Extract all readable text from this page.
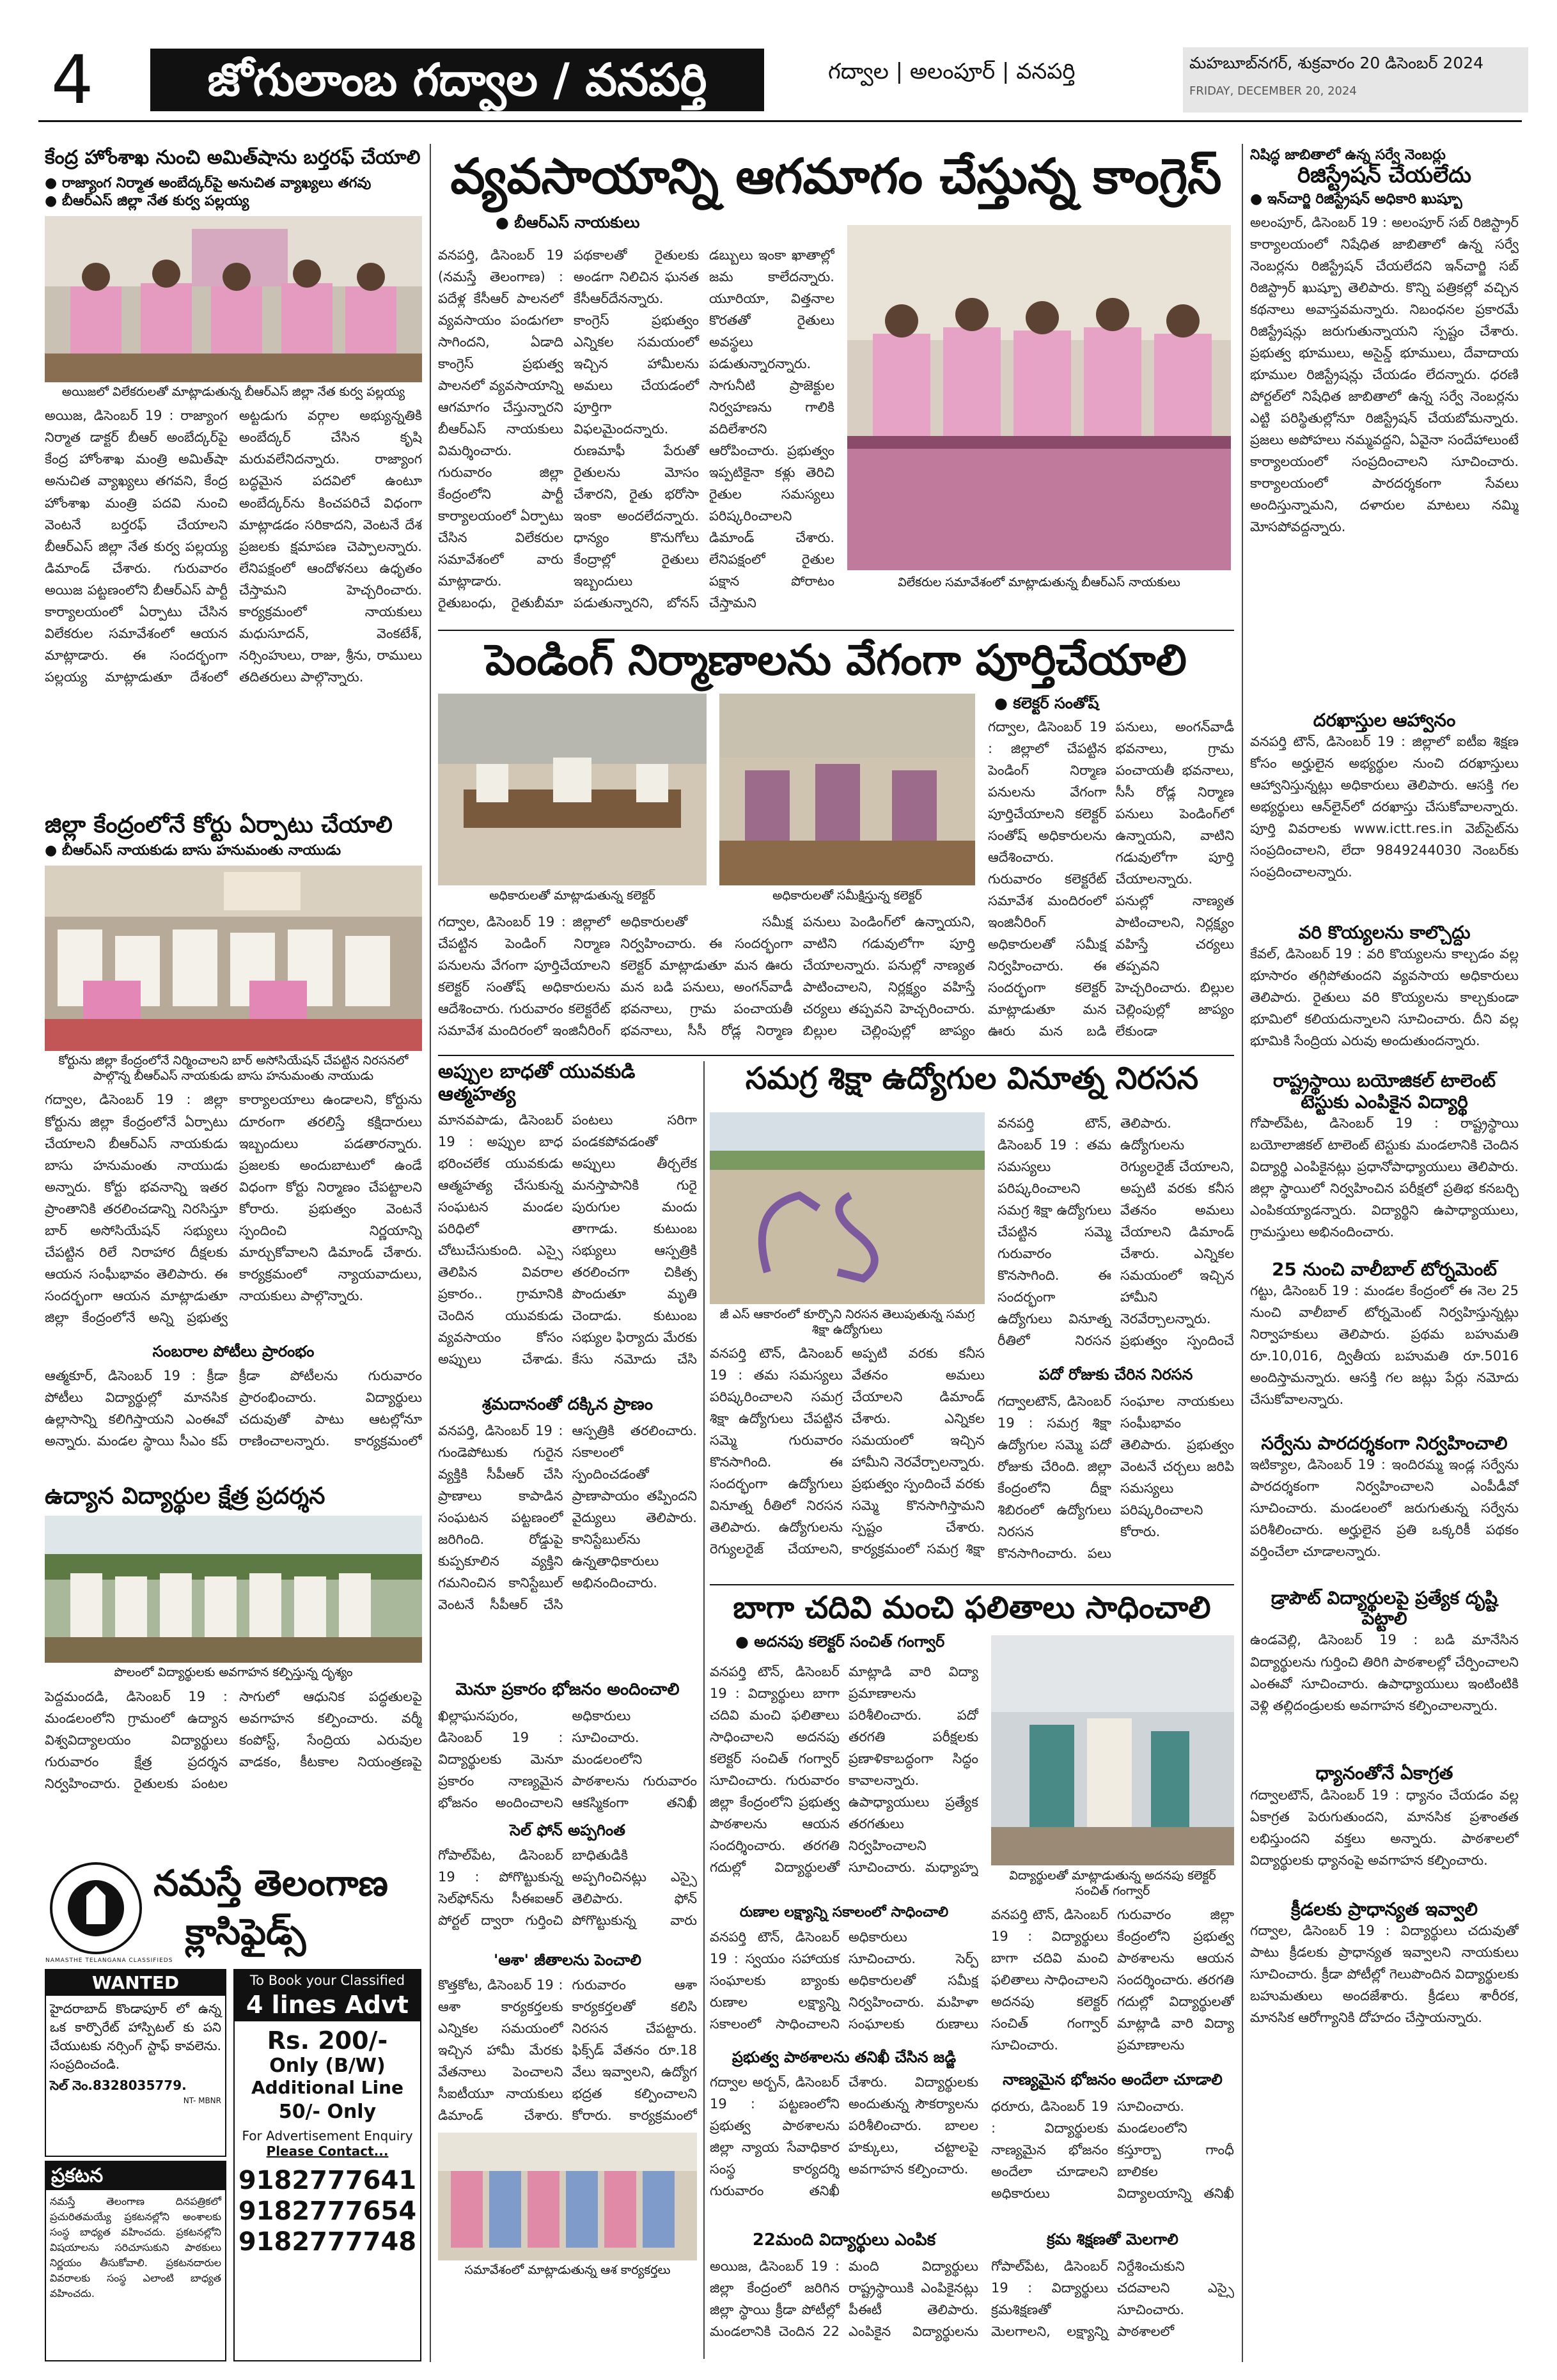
4	జోగులాంబ గద్వాల / వనపర్తి	గద్వాల | అలంపూర్ | వనపర్తి	మహబూబ్‌నగర్, శుక్రవారం 20 డిసెంబర్ 2024
FRIDAY, DECEMBER 20, 2024
కేంద్ర హోంశాఖ నుంచి అమిత్‌షాను బర్తరఫ్ చేయాలి
● రాజ్యాంగ నిర్మాత అంబేద్కర్‌పై అనుచిత వ్యాఖ్యలు తగవు
● బీఆర్‌ఎస్ జిల్లా నేత కుర్వ పల్లయ్య
అయిజలో విలేకరులతో మాట్లాడుతున్న బీఆర్‌ఎస్ జిల్లా నేత కుర్వ పల్లయ్య
అయిజ, డిసెంబర్ 19 : రాజ్యాంగ నిర్మాత డాక్టర్ బీఆర్ అంబేద్కర్‌పై కేంద్ర హోంశాఖ మంత్రి అమిత్‌షా అనుచిత వ్యాఖ్యలు తగవని, కేంద్ర హోంశాఖ మంత్రి పదవి నుంచి వెంటనే బర్తరఫ్ చేయాలని బీఆర్‌ఎస్ జిల్లా నేత కుర్వ పల్లయ్య డిమాండ్ చేశారు. గురువారం అయిజ పట్టణంలోని బీఆర్‌ఎస్ పార్టీ కార్యాలయంలో ఏర్పాటు చేసిన విలేకరుల సమావేశంలో ఆయన మాట్లాడారు. ఈ సందర్భంగా పల్లయ్య మాట్లాడుతూ దేశంలో అట్టడుగు వర్గాల అభ్యున్నతికి అంబేద్కర్ చేసిన కృషి మరువలేనిదన్నారు. రాజ్యాంగ బద్ధమైన పదవిలో ఉంటూ అంబేద్కర్‌ను కించపరిచే విధంగా మాట్లాడడం సరికాదని, వెంటనే దేశ ప్రజలకు క్షమాపణ చెప్పాలన్నారు. లేనిపక్షంలో ఆందోళనలు ఉధృతం చేస్తామని హెచ్చరించారు. కార్యక్రమంలో నాయకులు మధుసూదన్, వెంకటేశ్, నర్సింహులు, రాజు, శ్రీను, రాములు తదితరులు పాల్గొన్నారు.
జిల్లా కేంద్రంలోనే కోర్టు ఏర్పాటు చేయాలి
● బీఆర్‌ఎస్ నాయకుడు బాసు హనుమంతు నాయుడు
కోర్టును జిల్లా కేంద్రంలోనే నిర్మించాలని బార్ అసోసియేషన్ చేపట్టిన నిరసనలో పాల్గొన్న బీఆర్‌ఎస్ నాయకుడు బాసు హనుమంతు నాయుడు
గద్వాల, డిసెంబర్ 19 : జిల్లా కోర్టును జిల్లా కేంద్రంలోనే ఏర్పాటు చేయాలని బీఆర్‌ఎస్ నాయకుడు బాసు హనుమంతు నాయుడు అన్నారు. కోర్టు భవనాన్ని ఇతర ప్రాంతానికి తరలించడాన్ని నిరసిస్తూ బార్ అసోసియేషన్ సభ్యులు చేపట్టిన రిలే నిరాహార దీక్షలకు ఆయన సంఘీభావం తెలిపారు. ఈ సందర్భంగా ఆయన మాట్లాడుతూ జిల్లా కేంద్రంలోనే అన్ని ప్రభుత్వ కార్యాలయాలు ఉండాలని, కోర్టును దూరంగా తరలిస్తే కక్షిదారులు ఇబ్బందులు పడతారన్నారు. ప్రజలకు అందుబాటులో ఉండే విధంగా కోర్టు నిర్మాణం చేపట్టాలని కోరారు. ప్రభుత్వం వెంటనే స్పందించి నిర్ణయాన్ని మార్చుకోవాలని డిమాండ్ చేశారు. కార్యక్రమంలో న్యాయవాదులు, నాయకులు పాల్గొన్నారు.
సంబరాల పోటీలు ప్రారంభం
ఆత్మకూర్, డిసెంబర్ 19 : క్రీడా పోటీలు విద్యార్థుల్లో మానసిక ఉల్లాసాన్ని కలిగిస్తాయని ఎంఈవో అన్నారు. మండల స్థాయి సీఎం కప్ క్రీడా పోటీలను గురువారం ప్రారంభించారు. విద్యార్థులు చదువుతో పాటు ఆటల్లోనూ రాణించాలన్నారు. కార్యక్రమంలో
ఉద్యాన విద్యార్థుల క్షేత్ర ప్రదర్శన
పొలంలో విద్యార్థులకు అవగాహన కల్పిస్తున్న దృశ్యం
పెద్దమందడి, డిసెంబర్ 19 : మండలంలోని గ్రామంలో ఉద్యాన విశ్వవిద్యాలయం విద్యార్థులు గురువారం క్షేత్ర ప్రదర్శన నిర్వహించారు. రైతులకు పంటల సాగులో ఆధునిక పద్ధతులపై అవగాహన కల్పించారు. వర్మీ కంపోస్ట్, సేంద్రియ ఎరువుల వాడకం, కీటకాల నియంత్రణపై
నమస్తే తెలంగాణ
క్లాసిఫైడ్స్
NAMASTHE TELANGANA CLASSIFIEDS
WANTED
హైదరాబాద్ కొండాపూర్ లో ఉన్న ఒక కార్పొరేట్ హాస్పిటల్ కు పని చేయుటకు నర్సింగ్ స్టాఫ్ కావలెను. సంప్రదించండి.
సెల్ నెం.8328035779.
NT- MBNR
ప్రకటన
నమస్తే తెలంగాణ దినపత్రికలో ప్రచురితమయ్యే ప్రకటనల్లోని అంశాలకు సంస్థ బాధ్యత వహించదు. ప్రకటనల్లోని విషయాలను సరిచూసుకుని పాఠకులు నిర్ణయం తీసుకోవాలి. ప్రకటనదారుల వివరాలకు సంస్థ ఎలాంటి బాధ్యత వహించదు.
To Book your Classified
4 lines Advt
Rs. 200/-
Only (B/W)
Additional Line
50/- Only
For Advertisement Enquiry
Please Contact...
9182777641
9182777654
9182777748
వ్యవసాయాన్ని ఆగమాగం చేస్తున్న కాంగ్రెస్
● బీఆర్‌ఎస్ నాయకులు
వనపర్తి, డిసెంబర్ 19 (నమస్తే తెలంగాణ) : పదేళ్ల కేసీఆర్ పాలనలో వ్యవసాయం పండుగలా సాగిందని, ఏడాది కాంగ్రెస్ ప్రభుత్వ పాలనలో వ్యవసాయాన్ని ఆగమాగం చేస్తున్నారని బీఆర్‌ఎస్ నాయకులు విమర్శించారు. గురువారం జిల్లా కేంద్రంలోని పార్టీ కార్యాలయంలో ఏర్పాటు చేసిన విలేకరుల సమావేశంలో వారు మాట్లాడారు. రైతుబంధు, రైతుబీమా పథకాలతో రైతులకు అండగా నిలిచిన ఘనత కేసీఆర్‌దేనన్నారు. కాంగ్రెస్ ప్రభుత్వం ఎన్నికల సమయంలో ఇచ్చిన హామీలను అమలు చేయడంలో పూర్తిగా విఫలమైందన్నారు. రుణమాఫీ పేరుతో రైతులను మోసం చేశారని, రైతు భరోసా ఇంకా అందలేదన్నారు. ధాన్యం కొనుగోలు కేంద్రాల్లో రైతులు ఇబ్బందులు పడుతున్నారని, బోనస్ డబ్బులు ఇంకా ఖాతాల్లో జమ కాలేదన్నారు. యూరియా, విత్తనాల కొరతతో రైతులు అవస్థలు పడుతున్నారన్నారు. సాగునీటి ప్రాజెక్టుల నిర్వహణను గాలికి వదిలేశారని ఆరోపించారు. ప్రభుత్వం ఇప్పటికైనా కళ్లు తెరిచి రైతుల సమస్యలు పరిష్కరించాలని డిమాండ్ చేశారు. లేనిపక్షంలో రైతుల పక్షాన పోరాటం చేస్తామని
విలేకరుల సమావేశంలో మాట్లాడుతున్న బీఆర్‌ఎస్ నాయకులు
పెండింగ్ నిర్మాణాలను వేగంగా పూర్తిచేయాలి
అధికారులతో మాట్లాడుతున్న కలెక్టర్	అధికారులతో సమీక్షిస్తున్న కలెక్టర్
● కలెక్టర్ సంతోష్
గద్వాల, డిసెంబర్ 19 : జిల్లాలో చేపట్టిన పెండింగ్ నిర్మాణ పనులను వేగంగా పూర్తిచేయాలని కలెక్టర్ సంతోష్ అధికారులను ఆదేశించారు. గురువారం కలెక్టరేట్ సమావేశ మందిరంలో ఇంజినీరింగ్ అధికారులతో సమీక్ష నిర్వహించారు. ఈ సందర్భంగా కలెక్టర్ మాట్లాడుతూ మన ఊరు మన బడి పనులు, అంగన్‌వాడీ భవనాలు, గ్రామ పంచాయతీ భవనాలు, సీసీ రోడ్ల నిర్మాణ పనులు పెండింగ్‌లో ఉన్నాయని, వాటిని గడువులోగా పూర్తి చేయాలన్నారు. పనుల్లో నాణ్యత పాటించాలని, నిర్లక్ష్యం వహిస్తే చర్యలు తప్పవని హెచ్చరించారు. బిల్లుల చెల్లింపుల్లో జాప్యం లేకుండా
గద్వాల, డిసెంబర్ 19 : జిల్లాలో చేపట్టిన పెండింగ్ నిర్మాణ పనులను వేగంగా పూర్తిచేయాలని కలెక్టర్ సంతోష్ అధికారులను ఆదేశించారు. గురువారం కలెక్టరేట్ సమావేశ మందిరంలో ఇంజినీరింగ్ అధికారులతో సమీక్ష నిర్వహించారు. ఈ సందర్భంగా కలెక్టర్ మాట్లాడుతూ మన ఊరు మన బడి పనులు, అంగన్‌వాడీ భవనాలు, గ్రామ పంచాయతీ భవనాలు, సీసీ రోడ్ల నిర్మాణ పనులు పెండింగ్‌లో ఉన్నాయని, వాటిని గడువులోగా పూర్తి చేయాలన్నారు. పనుల్లో నాణ్యత పాటించాలని, నిర్లక్ష్యం వహిస్తే చర్యలు తప్పవని హెచ్చరించారు. బిల్లుల చెల్లింపుల్లో జాప్యం
అప్పుల బాధతో యువకుడి ఆత్మహత్య
మానవపాడు, డిసెంబర్ 19 : అప్పుల బాధ భరించలేక యువకుడు ఆత్మహత్య చేసుకున్న సంఘటన మండల పరిధిలో చోటుచేసుకుంది. ఎస్సై తెలిపిన వివరాల ప్రకారం.. గ్రామానికి చెందిన యువకుడు వ్యవసాయం కోసం అప్పులు చేశాడు. పంటలు సరిగా పండకపోవడంతో అప్పులు తీర్చలేక మనస్తాపానికి గురై పురుగుల మందు తాగాడు. కుటుంబ సభ్యులు ఆస్పత్రికి తరలించగా చికిత్స పొందుతూ మృతి చెందాడు. కుటుంబ సభ్యుల ఫిర్యాదు మేరకు కేసు నమోదు చేసి
శ్రమదానంతో దక్కిన ప్రాణం
వనపర్తి, డిసెంబర్ 19 : గుండెపోటుకు గురైన వ్యక్తికి సీపీఆర్ చేసి ప్రాణాలు కాపాడిన సంఘటన పట్టణంలో జరిగింది. రోడ్డుపై కుప్పకూలిన వ్యక్తిని గమనించిన కానిస్టేబుల్ వెంటనే సీపీఆర్ చేసి ఆస్పత్రికి తరలించారు. సకాలంలో స్పందించడంతో ప్రాణాపాయం తప్పిందని వైద్యులు తెలిపారు. కానిస్టేబుల్‌ను ఉన్నతాధికారులు అభినందించారు.
మెనూ ప్రకారం భోజనం అందించాలి
ఖిల్లాఘనపురం, డిసెంబర్ 19 : విద్యార్థులకు మెనూ ప్రకారం నాణ్యమైన భోజనం అందించాలని అధికారులు సూచించారు. మండలంలోని పాఠశాలను గురువారం ఆకస్మికంగా తనిఖీ
సెల్‌ ఫోన్‌ అప్పగింత
గోపాల్‌పేట, డిసెంబర్ 19 : పోగొట్టుకున్న సెల్‌ఫోన్‌ను సీఈఐఆర్ పోర్టల్ ద్వారా గుర్తించి బాధితుడికి అప్పగించినట్లు ఎస్సై తెలిపారు. ఫోన్ పోగొట్టుకున్న వారు
'ఆశా' జీతాలను పెంచాలి
కొత్తకోట, డిసెంబర్ 19 : ఆశా కార్యకర్తలకు ఎన్నికల సమయంలో ఇచ్చిన హామీ మేరకు వేతనాలు పెంచాలని సీఐటీయూ నాయకులు డిమాండ్ చేశారు. గురువారం ఆశా కార్యకర్తలతో కలిసి నిరసన చేపట్టారు. ఫిక్స్‌డ్ వేతనం రూ.18 వేలు ఇవ్వాలని, ఉద్యోగ భద్రత కల్పించాలని కోరారు. కార్యక్రమంలో
సమావేశంలో మాట్లాడుతున్న ఆశ కార్యకర్తలు
సమగ్ర శిక్షా ఉద్యోగుల వినూత్న నిరసన
జీ ఎస్ ఆకారంలో కూర్చొని నిరసన తెలుపుతున్న సమగ్ర శిక్షా ఉద్యోగులు
వనపర్తి టౌన్, డిసెంబర్ 19 : తమ సమస్యలు పరిష్కరించాలని సమగ్ర శిక్షా ఉద్యోగులు చేపట్టిన సమ్మె గురువారం కొనసాగింది. ఈ సందర్భంగా ఉద్యోగులు వినూత్న రీతిలో నిరసన తెలిపారు. ఉద్యోగులను రెగ్యులరైజ్ చేయాలని, అప్పటి వరకు కనీస వేతనం అమలు చేయాలని డిమాండ్ చేశారు. ఎన్నికల సమయంలో ఇచ్చిన హామీని నెరవేర్చాలన్నారు. ప్రభుత్వం స్పందించే
వనపర్తి టౌన్, డిసెంబర్ 19 : తమ సమస్యలు పరిష్కరించాలని సమగ్ర శిక్షా ఉద్యోగులు చేపట్టిన సమ్మె గురువారం కొనసాగింది. ఈ సందర్భంగా ఉద్యోగులు వినూత్న రీతిలో నిరసన తెలిపారు. ఉద్యోగులను రెగ్యులరైజ్ చేయాలని, అప్పటి వరకు కనీస వేతనం అమలు చేయాలని డిమాండ్ చేశారు. ఎన్నికల సమయంలో ఇచ్చిన హామీని నెరవేర్చాలన్నారు. ప్రభుత్వం స్పందించే వరకు సమ్మె కొనసాగిస్తామని స్పష్టం చేశారు. కార్యక్రమంలో సమగ్ర శిక్షా
పదో రోజుకు చేరిన నిరసన
గద్వాలటౌన్, డిసెంబర్ 19 : సమగ్ర శిక్షా ఉద్యోగుల సమ్మె పదో రోజుకు చేరింది. జిల్లా కేంద్రంలోని దీక్షా శిబిరంలో ఉద్యోగులు నిరసన కొనసాగించారు. పలు సంఘాల నాయకులు సంఘీభావం తెలిపారు. ప్రభుత్వం వెంటనే చర్చలు జరిపి సమస్యలు పరిష్కరించాలని కోరారు.
బాగా చదివి మంచి ఫలితాలు సాధించాలి
● అదనపు కలెక్టర్ సంచిత్ గంగ్వార్
వనపర్తి టౌన్, డిసెంబర్ 19 : విద్యార్థులు బాగా చదివి మంచి ఫలితాలు సాధించాలని అదనపు కలెక్టర్ సంచిత్ గంగ్వార్ సూచించారు. గురువారం జిల్లా కేంద్రంలోని ప్రభుత్వ పాఠశాలను ఆయన సందర్శించారు. తరగతి గదుల్లో విద్యార్థులతో మాట్లాడి వారి విద్యా ప్రమాణాలను పరిశీలించారు. పదో తరగతి పరీక్షలకు ప్రణాళికాబద్ధంగా సిద్ధం కావాలన్నారు. ఉపాధ్యాయులు ప్రత్యేక తరగతులు నిర్వహించాలని సూచించారు. మధ్యాహ్న
విద్యార్థులతో మాట్లాడుతున్న అదనపు కలెక్టర్ సంచిత్ గంగ్వార్
వనపర్తి టౌన్, డిసెంబర్ 19 : విద్యార్థులు బాగా చదివి మంచి ఫలితాలు సాధించాలని అదనపు కలెక్టర్ సంచిత్ గంగ్వార్ సూచించారు. గురువారం జిల్లా కేంద్రంలోని ప్రభుత్వ పాఠశాలను ఆయన సందర్శించారు. తరగతి గదుల్లో విద్యార్థులతో మాట్లాడి వారి విద్యా ప్రమాణాలను
రుణాల లక్ష్యాన్ని సకాలంలో సాధించాలి
వనపర్తి టౌన్, డిసెంబర్ 19 : స్వయం సహాయక సంఘాలకు బ్యాంకు రుణాల లక్ష్యాన్ని సకాలంలో సాధించాలని అధికారులు సూచించారు. సెర్ప్ అధికారులతో సమీక్ష నిర్వహించారు. మహిళా సంఘాలకు రుణాలు
ప్రభుత్వ పాఠశాలను తనిఖీ చేసిన జడ్జి
గద్వాల అర్బన్, డిసెంబర్ 19 : పట్టణంలోని ప్రభుత్వ పాఠశాలను జిల్లా న్యాయ సేవాధికార సంస్థ కార్యదర్శి గురువారం తనిఖీ చేశారు. విద్యార్థులకు అందుతున్న సౌకర్యాలను పరిశీలించారు. బాలల హక్కులు, చట్టాలపై అవగాహన కల్పించారు.
22మంది విద్యార్థులు ఎంపిక
అయిజ, డిసెంబర్ 19 : జిల్లా కేంద్రంలో జరిగిన జిల్లా స్థాయి క్రీడా పోటీల్లో మండలానికి చెందిన 22 మంది విద్యార్థులు రాష్ట్రస్థాయికి ఎంపికైనట్లు పీఈటీ తెలిపారు. ఎంపికైన విద్యార్థులను
నాణ్యమైన భోజనం అందేలా చూడాలి
ధరూరు, డిసెంబర్ 19 : విద్యార్థులకు నాణ్యమైన భోజనం అందేలా చూడాలని అధికారులు సూచించారు. మండలంలోని కస్తూర్బా గాంధీ బాలికల విద్యాలయాన్ని తనిఖీ
క్రమ శిక్షణతో మెలగాలి
గోపాల్‌పేట, డిసెంబర్ 19 : విద్యార్థులు క్రమశిక్షణతో మెలగాలని, లక్ష్యాన్ని నిర్దేశించుకుని చదవాలని ఎస్సై సూచించారు. పాఠశాలలో
నిషిద్ధ జాబితాలో ఉన్న సర్వే నెంబర్లు
రిజిస్ట్రేషన్ చేయలేదు
● ఇన్‌చార్జి రిజిస్ట్రేషన్ అధికారి ఖుష్బూ
అలంపూర్, డిసెంబర్ 19 : అలంపూర్ సబ్ రిజిస్ట్రార్ కార్యాలయంలో నిషేధిత జాబితాలో ఉన్న సర్వే నెంబర్లను రిజిస్ట్రేషన్ చేయలేదని ఇన్‌చార్జి సబ్ రిజిస్ట్రార్ ఖుష్బూ తెలిపారు. కొన్ని పత్రికల్లో వచ్చిన కథనాలు అవాస్తవమన్నారు. నిబంధనల ప్రకారమే రిజిస్ట్రేషన్లు జరుగుతున్నాయని స్పష్టం చేశారు. ప్రభుత్వ భూములు, అసైన్డ్ భూములు, దేవాదాయ భూముల రిజిస్ట్రేషన్లు చేయడం లేదన్నారు. ధరణి పోర్టల్‌లో నిషేధిత జాబితాలో ఉన్న సర్వే నెంబర్లను ఎట్టి పరిస్థితుల్లోనూ రిజిస్ట్రేషన్ చేయబోమన్నారు. ప్రజలు అపోహలు నమ్మవద్దని, ఏవైనా సందేహాలుంటే కార్యాలయంలో సంప్రదించాలని సూచించారు. కార్యాలయంలో పారదర్శకంగా సేవలు అందిస్తున్నామని, దళారుల మాటలు నమ్మి మోసపోవద్దన్నారు.
దరఖాస్తుల ఆహ్వానం
వనపర్తి టౌన్, డిసెంబర్ 19 : జిల్లాలో ఐటీఐ శిక్షణ కోసం అర్హులైన అభ్యర్థుల నుంచి దరఖాస్తులు ఆహ్వానిస్తున్నట్లు అధికారులు తెలిపారు. ఆసక్తి గల అభ్యర్థులు ఆన్‌లైన్‌లో దరఖాస్తు చేసుకోవాలన్నారు. పూర్తి వివరాలకు www.ictt.res.in వెబ్‌సైట్‌ను సంప్రదించాలని, లేదా 9849244030 నెంబర్‌కు సంప్రదించాలన్నారు.
వరి కొయ్యలను కాల్చొద్దు
కేవల్, డిసెంబర్ 19 : వరి కొయ్యలను కాల్చడం వల్ల భూసారం తగ్గిపోతుందని వ్యవసాయ అధికారులు తెలిపారు. రైతులు వరి కొయ్యలను కాల్చకుండా భూమిలో కలియదున్నాలని సూచించారు. దీని వల్ల భూమికి సేంద్రియ ఎరువు అందుతుందన్నారు.
రాష్ట్రస్థాయి బయోజికల్ టాలెంట్ టెస్టుకు ఎంపికైన విద్యార్థి
గోపాల్‌పేట, డిసెంబర్ 19 : రాష్ట్రస్థాయి బయోలాజికల్ టాలెంట్ టెస్టుకు మండలానికి చెందిన విద్యార్థి ఎంపికైనట్లు ప్రధానోపాధ్యాయులు తెలిపారు. జిల్లా స్థాయిలో నిర్వహించిన పరీక్షలో ప్రతిభ కనబర్చి ఎంపికయ్యాడన్నారు. విద్యార్థిని ఉపాధ్యాయులు, గ్రామస్తులు అభినందించారు.
25 నుంచి వాలీబాల్ టోర్నమెంట్
గట్టు, డిసెంబర్ 19 : మండల కేంద్రంలో ఈ నెల 25 నుంచి వాలీబాల్ టోర్నమెంట్ నిర్వహిస్తున్నట్లు నిర్వాహకులు తెలిపారు. ప్రథమ బహుమతి రూ.10,016, ద్వితీయ బహుమతి రూ.5016 అందిస్తామన్నారు. ఆసక్తి గల జట్లు పేర్లు నమోదు చేసుకోవాలన్నారు.
సర్వేను పారదర్శకంగా నిర్వహించాలి
ఇటిక్యాల, డిసెంబర్ 19 : ఇందిరమ్మ ఇండ్ల సర్వేను పారదర్శకంగా నిర్వహించాలని ఎంపీడీవో సూచించారు. మండలంలో జరుగుతున్న సర్వేను పరిశీలించారు. అర్హులైన ప్రతి ఒక్కరికీ పథకం వర్తించేలా చూడాలన్నారు.
డ్రాపౌట్ విద్యార్థులపై ప్రత్యేక దృష్టి పెట్టాలి
ఉండవెల్లి, డిసెంబర్ 19 : బడి మానేసిన విద్యార్థులను గుర్తించి తిరిగి పాఠశాలల్లో చేర్పించాలని ఎంఈవో సూచించారు. ఉపాధ్యాయులు ఇంటింటికి వెళ్లి తల్లిదండ్రులకు అవగాహన కల్పించాలన్నారు.
ధ్యానంతోనే ఏకాగ్రత
గద్వాలటౌన్, డిసెంబర్ 19 : ధ్యానం చేయడం వల్ల ఏకాగ్రత పెరుగుతుందని, మానసిక ప్రశాంతత లభిస్తుందని వక్తలు అన్నారు. పాఠశాలలో విద్యార్థులకు ధ్యానంపై అవగాహన కల్పించారు.
క్రీడలకు ప్రాధాన్యత ఇవ్వాలి
గద్వాల, డిసెంబర్ 19 : విద్యార్థులు చదువుతో పాటు క్రీడలకు ప్రాధాన్యత ఇవ్వాలని నాయకులు సూచించారు. క్రీడా పోటీల్లో గెలుపొందిన విద్యార్థులకు బహుమతులు అందజేశారు. క్రీడలు శారీరక, మానసిక ఆరోగ్యానికి దోహదం చేస్తాయన్నారు.
